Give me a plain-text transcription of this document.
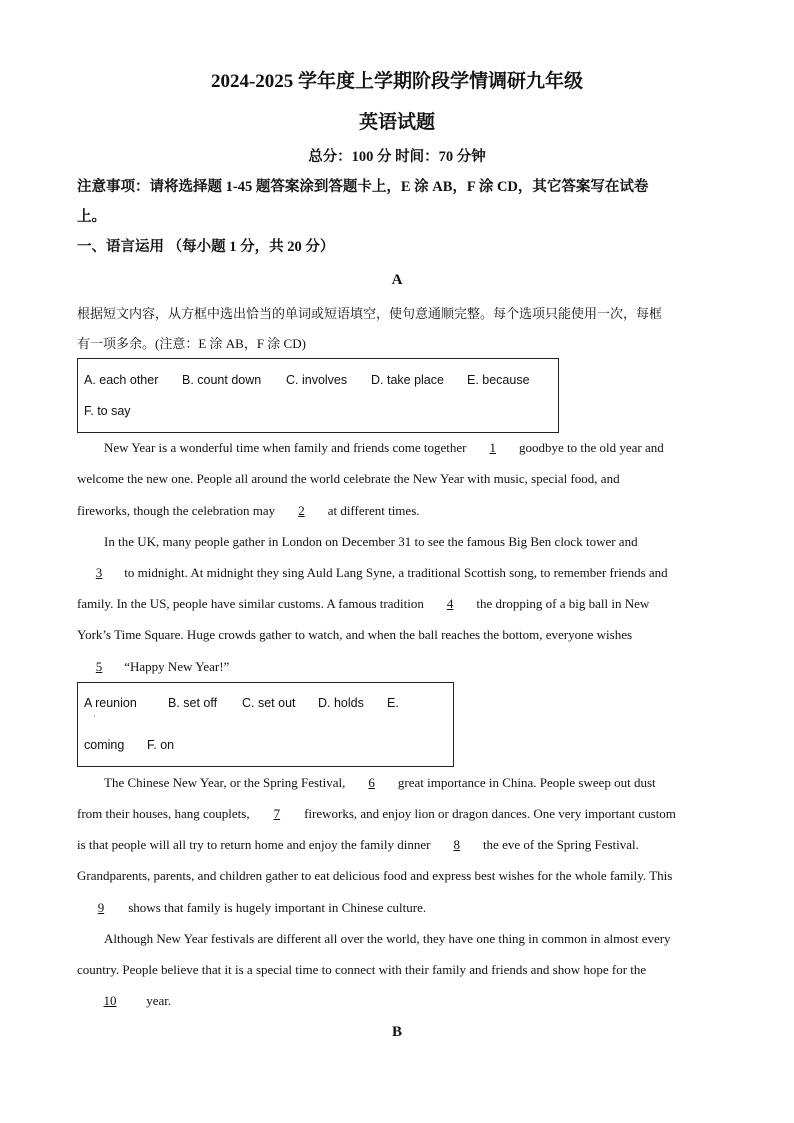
2024-2025 学年度上学期阶段学情调研九年级
英语试题
总分：100 分 时间：70 分钟
注意事项：请将选择题 1-45 题答案涂到答题卡上，E 涂 AB，F 涂 CD，其它答案写在试卷
上。
一、语言运用 （每小题 1 分，共 20 分）
A
根据短文内容，从方框中选出恰当的单词或短语填空，使句意通顺完整。每个选项只能使用一次，每框
有一项多余。(注意：E 涂 AB，F 涂 CD)
A. each other B. count down C. involves D. take place E. because
F. to say
New Year is a wonderful time when family and friends come together 1 goodbye to the old year and
welcome the new one. People all around the world celebrate the New Year with music, special food, and
fireworks, though the celebration may 2 at different times.
In the UK, many people gather in London on December 31 to see the famous Big Ben clock tower and
3 to midnight. At midnight they sing Auld Lang Syne, a traditional Scottish song, to remember friends and
family. In the US, people have similar customs. A famous tradition 4 the dropping of a big ball in New
York’s Time Square. Huge crowds gather to watch, and when the ball reaches the bottom, everyone wishes
5 “Happy New Year!”
A reunion B. set off C. set out D. holds E.
coming F. on
·
The Chinese New Year, or the Spring Festival, 6 great importance in China. People sweep out dust
from their houses, hang couplets, 7 fireworks, and enjoy lion or dragon dances. One very important custom
is that people will all try to return home and enjoy the family dinner 8 the eve of the Spring Festival.
Grandparents, parents, and children gather to eat delicious food and express best wishes for the whole family. This
9 shows that family is hugely important in Chinese culture.
Although New Year festivals are different all over the world, they have one thing in common in almost every
country. People believe that it is a special time to connect with their family and friends and show hope for the
10 year.
B
